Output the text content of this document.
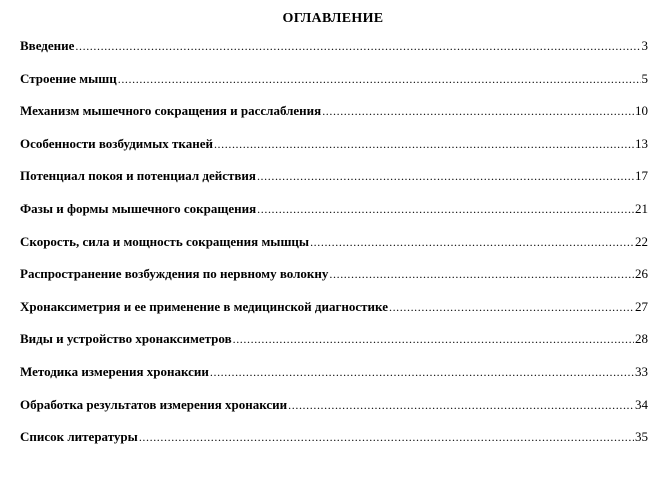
ОГЛАВЛЕНИЕ
Введение .....	3
Строение мышц .....	5
Механизм мышечного сокращения и расслабления .....	10
Особенности возбудимых тканей .....	13
Потенциал покоя и потенциал действия .....	17
Фазы и формы мышечного сокращения .....	21
Скорость, сила и мощность сокращения мышцы .....	22
Распространение возбуждения по нервному волокну .....	26
Хронаксиметрия и ее применение в медицинской диагностике .....	27
Виды и устройство хронаксиметров .....	28
Методика измерения хронаксии .....	33
Обработка результатов измерения хронаксии .....	34
Список литературы .....	35
